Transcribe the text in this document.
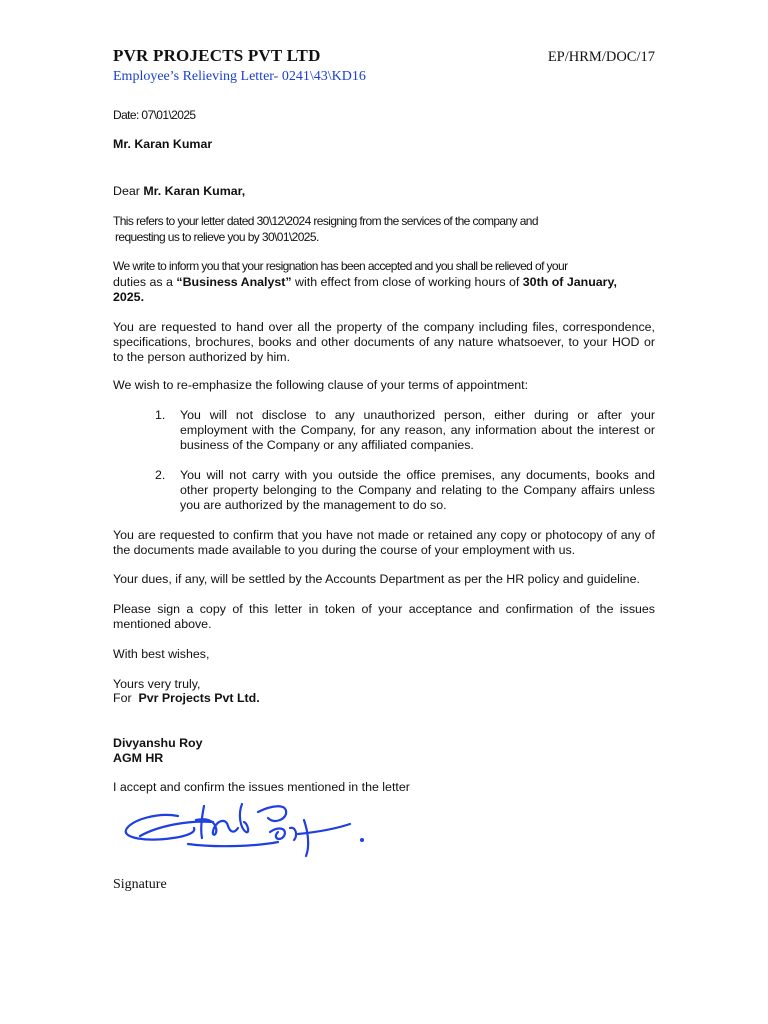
PVR PROJECTS PVT LTD	EP/HRM/DOC/17
Employee’s Relieving Letter- 0241\43\KD16
Date: 07\01\2025
Mr. Karan Kumar
Dear Mr. Karan Kumar,
This refers to your letter dated 30\12\2024 resigning from the services of the company and
requesting us to relieve you by 30\01\2025.
We write to inform you that your resignation has been accepted and you shall be relieved of your
duties as a “Business Analyst” with effect from close of working hours of 30th of January,
2025.
You are requested to hand over all the property of the company including files, correspondence, specifications, brochures, books and other documents of any nature whatsoever, to your HOD or to the person authorized by him.
We wish to re-emphasize the following clause of your terms of appointment:
1. You will not disclose to any unauthorized person, either during or after your employment with the Company, for any reason, any information about the interest or business of the Company or any affiliated companies.
2. You will not carry with you outside the office premises, any documents, books and other property belonging to the Company and relating to the Company affairs unless you are authorized by the management to do so.
You are requested to confirm that you have not made or retained any copy or photocopy of any of the documents made available to you during the course of your employment with us.
Your dues, if any, will be settled by the Accounts Department as per the HR policy and guideline.
Please sign a copy of this letter in token of your acceptance and confirmation of the issues mentioned above.
With best wishes,
Yours very truly,
For  Pvr Projects Pvt Ltd.
Divyanshu Roy
AGM HR
I accept and confirm the issues mentioned in the letter
Signature
